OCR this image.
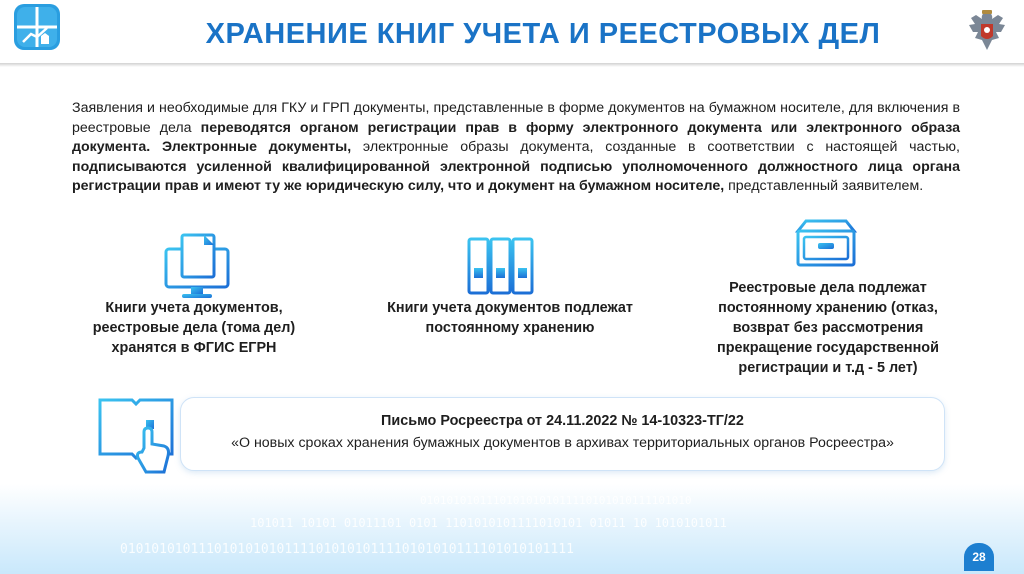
ХРАНЕНИЕ КНИГ УЧЕТА И РЕЕСТРОВЫХ ДЕЛ
Заявления и необходимые для ГКУ и ГРП документы, представленные в форме документов на бумажном носителе, для включения в реестровые дела переводятся органом регистрации прав в форму электронного документа или электронного образа документа. Электронные документы, электронные образы документа, созданные в соответствии с настоящей частью, подписываются усиленной квалифицированной электронной подписью уполномоченного должностного лица органа регистрации прав и имеют ту же юридическую силу, что и документ на бумажном носителе, представленный заявителем.
Книги учета документов, реестровые дела (тома дел) хранятся в ФГИС ЕГРН
Книги учета документов подлежат постоянному хранению
Реестровые дела подлежат постоянному хранению (отказ, возврат без рассмотрения прекращение государственной регистрации и т.д - 5 лет)
Письмо Росреестра от 24.11.2022 № 14-10323-ТГ/22
«О новых сроках хранения бумажных документов в архивах территориальных органов Росреестра»
01010101011101010101011110101010111101010
101011 10101 01011101 0101 1101010101111010101 01011 10 1010101011
0101010101110101010101111010101011110101010111101010101111	28
